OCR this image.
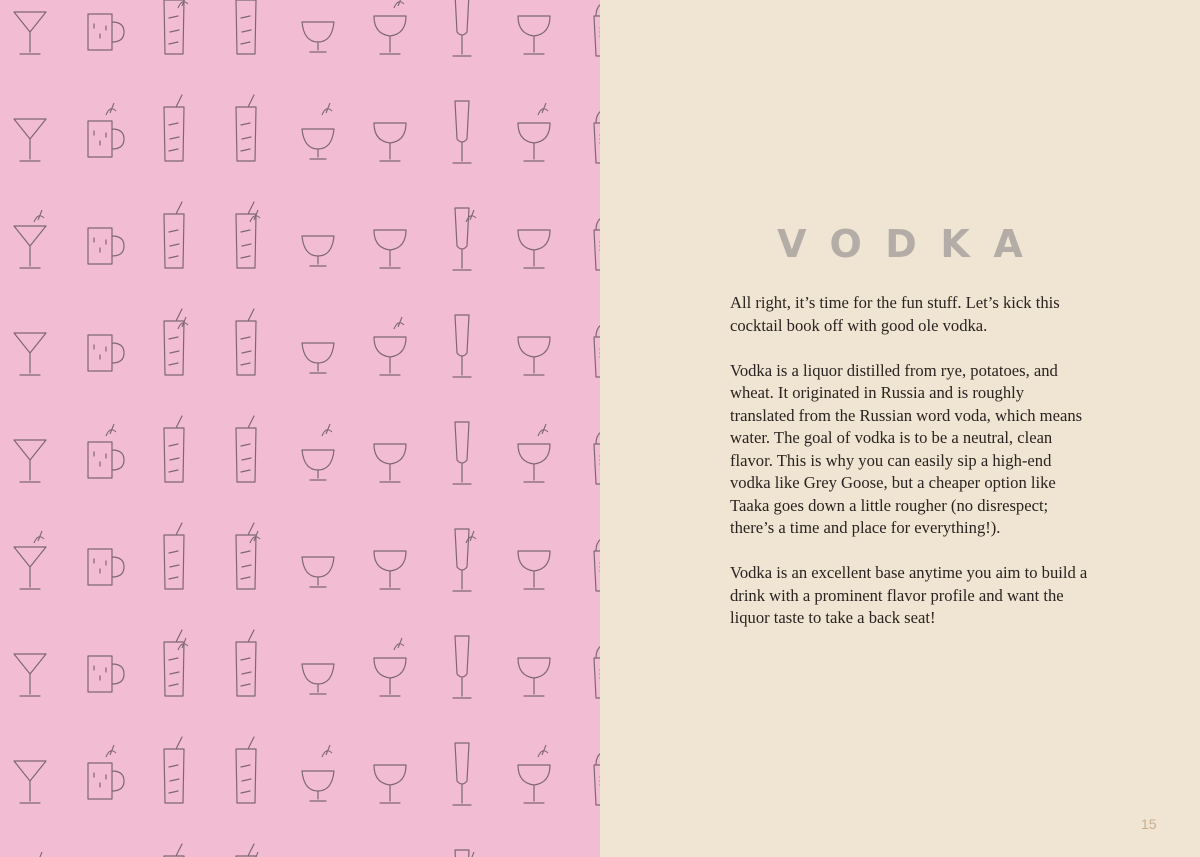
VODKA

All right, it’s time for the fun stuff. Let’s kick this cocktail book off with good ole vodka.

Vodka is a liquor distilled from rye, potatoes, and wheat. It originated in Russia and is roughly translated from the Russian word voda, which means water. The goal of vodka is to be a neutral, clean flavor. This is why you can easily sip a high-end vodka like Grey Goose, but a cheaper option like Taaka goes down a little rougher (no disrespect; there’s a time and place for everything!).

Vodka is an excellent base anytime you aim to build a drink with a prominent flavor profile and want the liquor taste to take a back seat!

15
